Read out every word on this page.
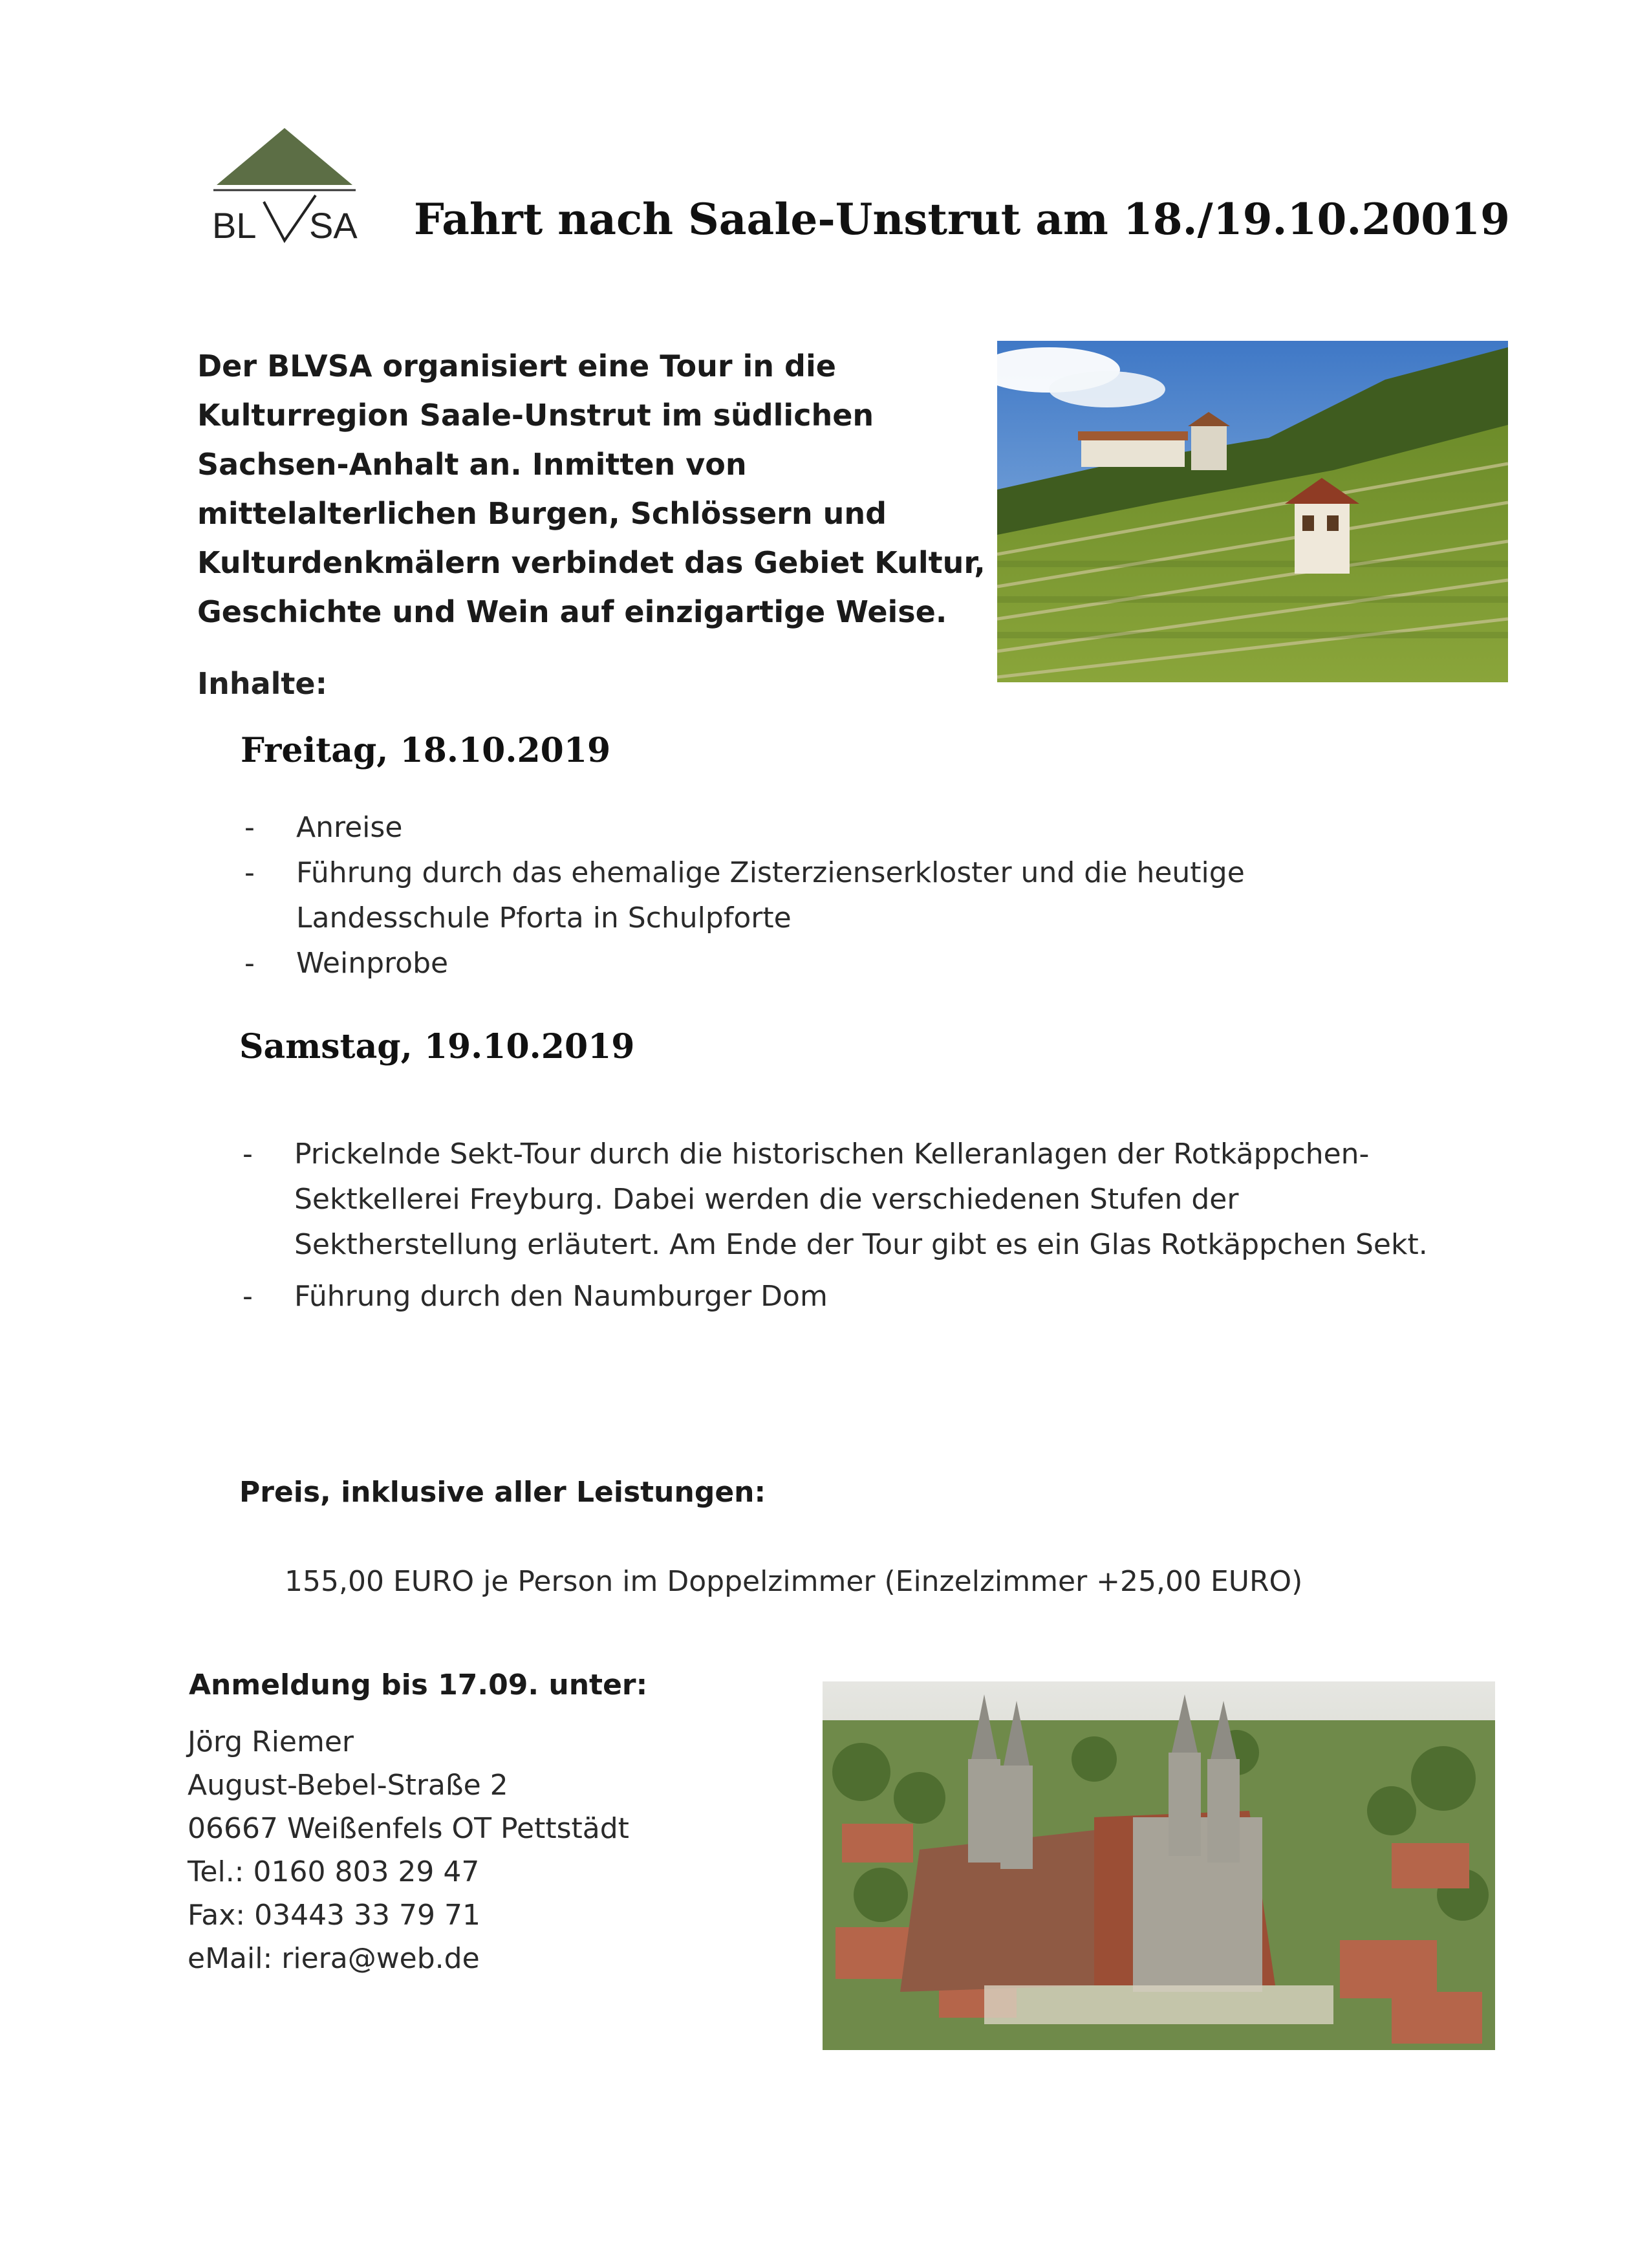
BL SA Fahrt nach Saale-Unstrut am 18./19.10.20019
Der BLVSA organisiert eine Tour in die
Kulturregion Saale-Unstrut im südlichen
Sachsen-Anhalt an. Inmitten von
mittelalterlichen Burgen, Schlössern und
Kulturdenkmälern verbindet das Gebiet Kultur,
Geschichte und Wein auf einzigartige Weise.
Inhalte:
Freitag, 18.10.2019
- Anreise
- Führung durch das ehemalige Zisterzienserkloster und die heutige Landesschule Pforta in Schulpforte
- Weinprobe
Samstag, 19.10.2019
- Prickelnde Sekt-Tour durch die historischen Kelleranlagen der Rotkäppchen-Sektkellerei Freyburg. Dabei werden die verschiedenen Stufen der Sektherstellung erläutert. Am Ende der Tour gibt es ein Glas Rotkäppchen Sekt.
- Führung durch den Naumburger Dom
Preis, inklusive aller Leistungen:
155,00 EURO je Person im Doppelzimmer (Einzelzimmer +25,00 EURO)
Anmeldung bis 17.09. unter:
Jörg Riemer
August-Bebel-Straße 2
06667 Weißenfels OT Pettstädt
Tel.: 0160 803 29 47
Fax: 03443 33 79 71
eMail: riera@web.de
